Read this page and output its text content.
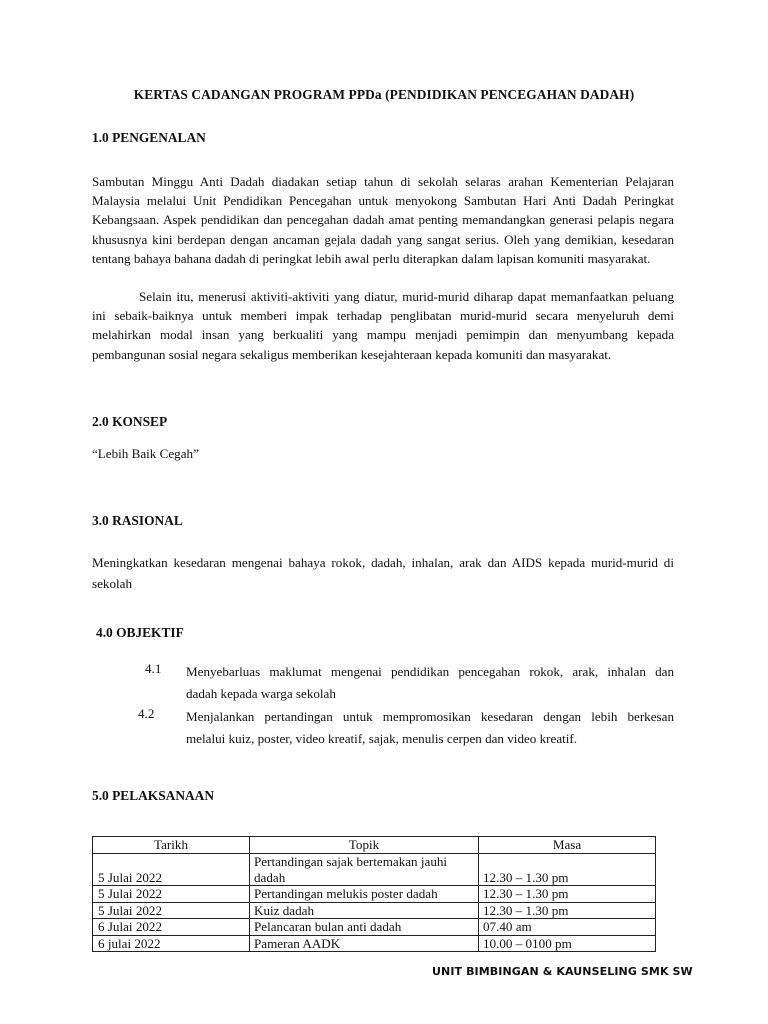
KERTAS CADANGAN PROGRAM PPDa (PENDIDIKAN PENCEGAHAN DADAH)
1.0 PENGENALAN
Sambutan Minggu Anti Dadah diadakan setiap tahun di sekolah selaras arahan Kementerian Pelajaran Malaysia melalui Unit Pendidikan Pencegahan untuk menyokong Sambutan Hari Anti Dadah Peringkat Kebangsaan. Aspek pendidikan dan pencegahan dadah amat penting memandangkan generasi pelapis negara khususnya kini berdepan dengan ancaman gejala dadah yang sangat serius. Oleh yang demikian, kesedaran tentang bahaya bahana dadah di peringkat lebih awal perlu diterapkan dalam lapisan komuniti masyarakat.
Selain itu, menerusi aktiviti-aktiviti yang diatur, murid-murid diharap dapat memanfaatkan peluang ini sebaik-baiknya untuk memberi impak terhadap penglibatan murid-murid secara menyeluruh demi melahirkan modal insan yang berkualiti yang mampu menjadi pemimpin dan menyumbang kepada pembangunan sosial negara sekaligus memberikan kesejahteraan kepada komuniti dan masyarakat.
2.0 KONSEP
“Lebih Baik Cegah”
3.0 RASIONAL
Meningkatkan kesedaran mengenai bahaya rokok, dadah, inhalan, arak dan AIDS kepada murid-murid di sekolah
4.0 OBJEKTIF
4.1 Menyebarluas maklumat mengenai pendidikan pencegahan rokok, arak, inhalan dan
dadah kepada warga sekolah
4.2 Menjalankan pertandingan untuk mempromosikan kesedaran dengan lebih berkesan
melalui kuiz, poster, video kreatif, sajak, menulis cerpen dan video kreatif.
5.0 PELAKSANAAN
Tarikh	Topik	Masa
5 Julai 2022	Pertandingan sajak bertemakan jauhi dadah	12.30 – 1.30 pm
5 Julai 2022	Pertandingan melukis poster dadah	12.30 – 1.30 pm
5 Julai 2022	Kuiz dadah	12.30 – 1.30 pm
6 Julai 2022	Pelancaran bulan anti dadah	07.40 am
6 julai 2022	Pameran AADK	10.00 – 0100 pm
UNIT BIMBINGAN & KAUNSELING SMK SW
